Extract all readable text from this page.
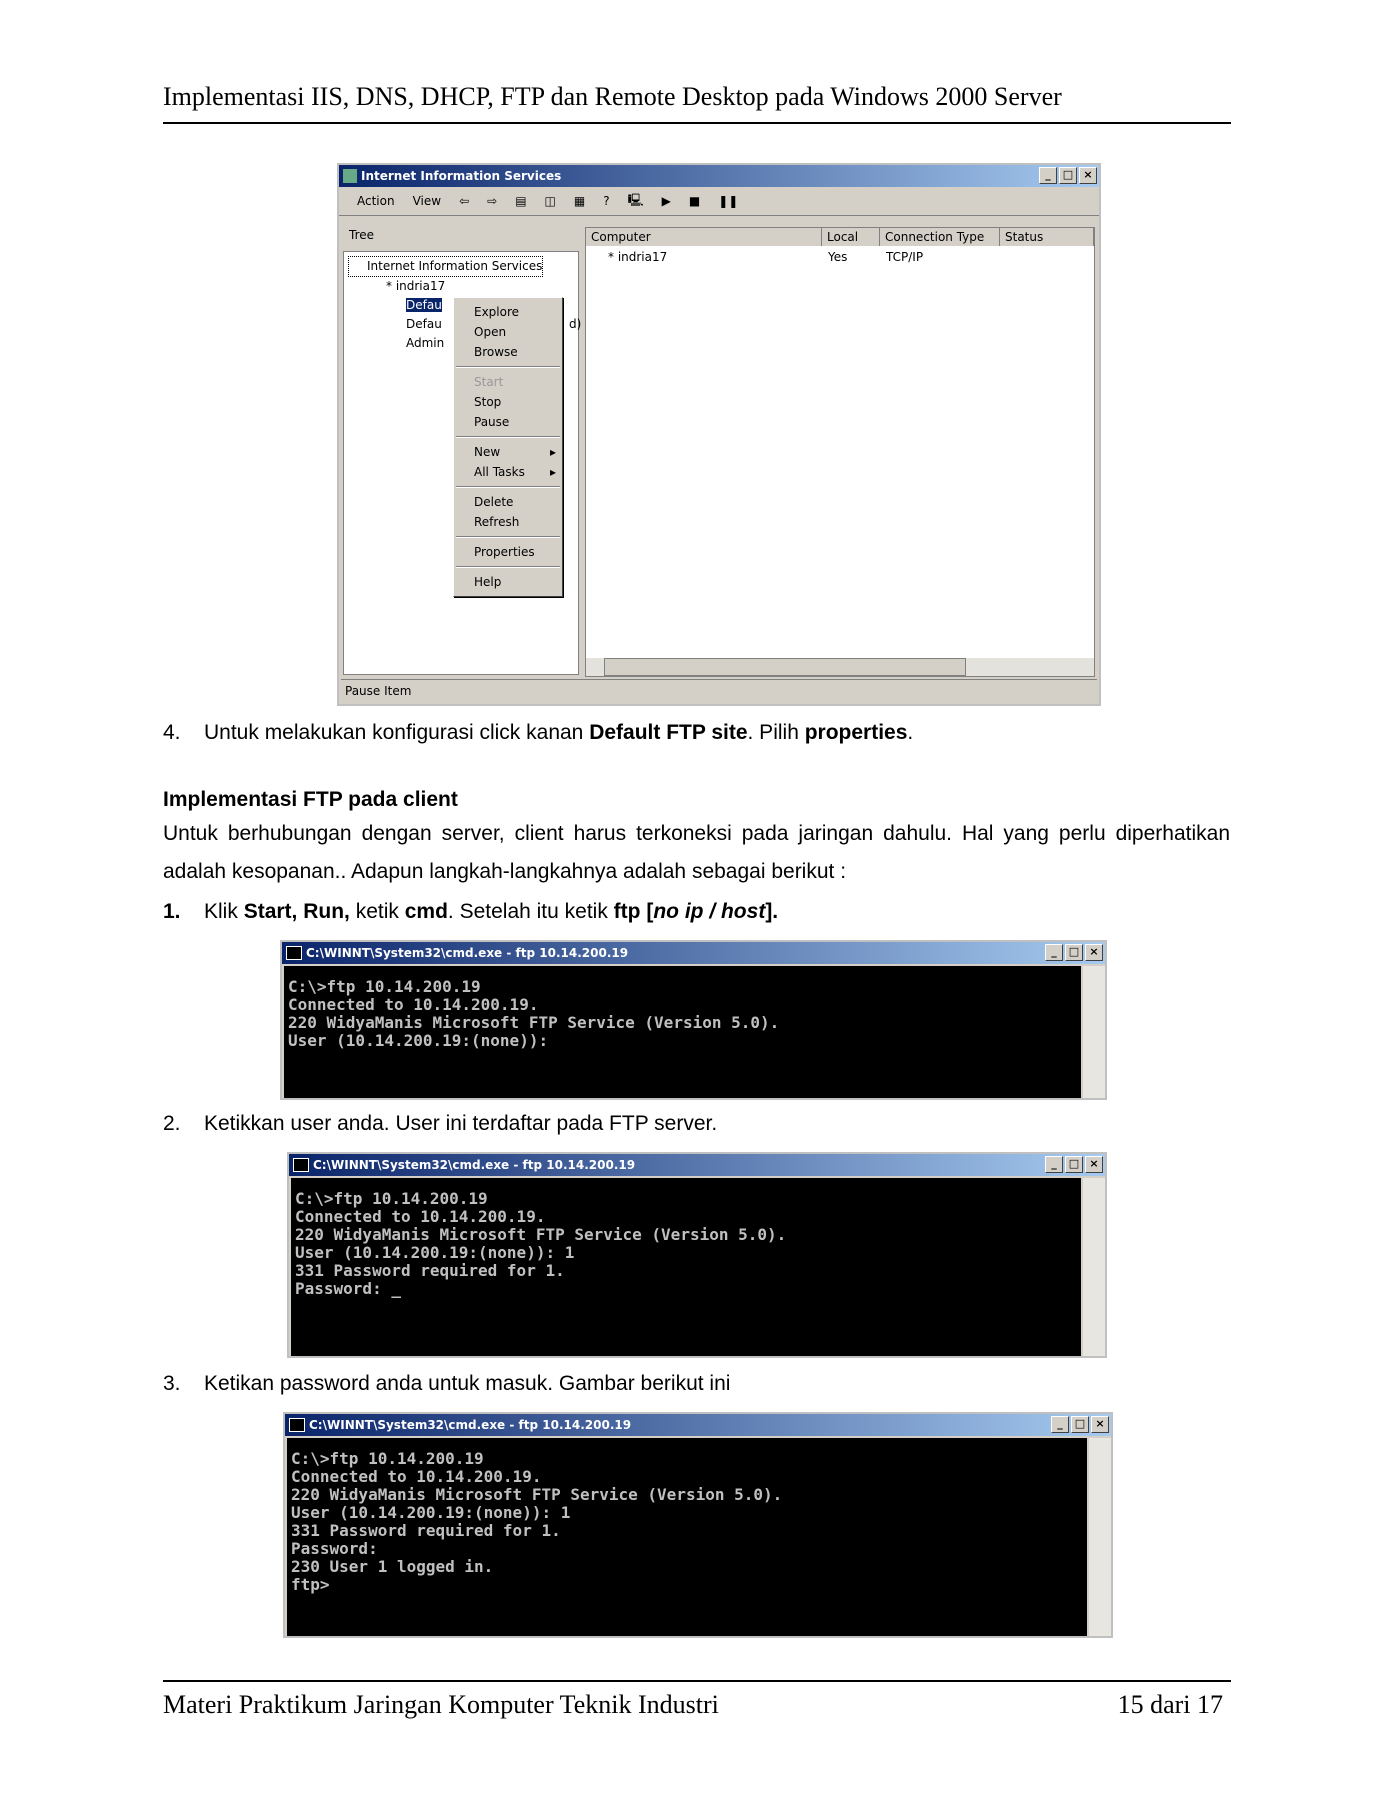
Implementasi IIS, DNS, DHCP, FTP dan Remote Desktop pada Windows 2000 Server
Internet Information Services	_	□ ×
Action View ⇦ ⇨ ▤ ◫ ▦ ? 🖳 ▶ ■ ❚❚
Tree
Internet Information Services
* indria17
Defau
Defau	d)
Admin
Computer	Local	Connection Type	Status
* indria17	Yes	TCP/IP
Pause Item
Explore
Open
Browse
Start
Stop
Pause
New	▸
All Tasks ▸
Delete
Refresh
Properties
Help
4. Untuk melakukan konfigurasi click kanan Default FTP site. Pilih properties.
Implementasi FTP pada client
Untuk berhubungan dengan server, client harus terkoneksi pada jaringan dahulu. Hal yang perlu diperhatikan adalah kesopanan.. Adapun langkah-langkahnya adalah sebagai berikut :
1. Klik Start, Run, ketik cmd. Setelah itu ketik ftp [no ip / host].
C:\WINNT\System32\cmd.exe - ftp 10.14.200.19	_	□ ×
C:\>ftp 10.14.200.19
Connected to 10.14.200.19.
220 WidyaManis Microsoft FTP Service (Version 5.0).
User (10.14.200.19:(none)):
2. Ketikkan user anda. User ini terdaftar pada FTP server.
C:\WINNT\System32\cmd.exe - ftp 10.14.200.19	_	□ ×
C:\>ftp 10.14.200.19
Connected to 10.14.200.19.
220 WidyaManis Microsoft FTP Service (Version 5.0).
User (10.14.200.19:(none)): 1
331 Password required for 1.
Password: _
3. Ketikan password anda untuk masuk. Gambar berikut ini
C:\WINNT\System32\cmd.exe - ftp 10.14.200.19	_	□ ×
C:\>ftp 10.14.200.19
Connected to 10.14.200.19.
220 WidyaManis Microsoft FTP Service (Version 5.0).
User (10.14.200.19:(none)): 1
331 Password required for 1.
Password:
230 User 1 logged in.
ftp>
Materi Praktikum Jaringan Komputer Teknik Industri	15 dari 17
